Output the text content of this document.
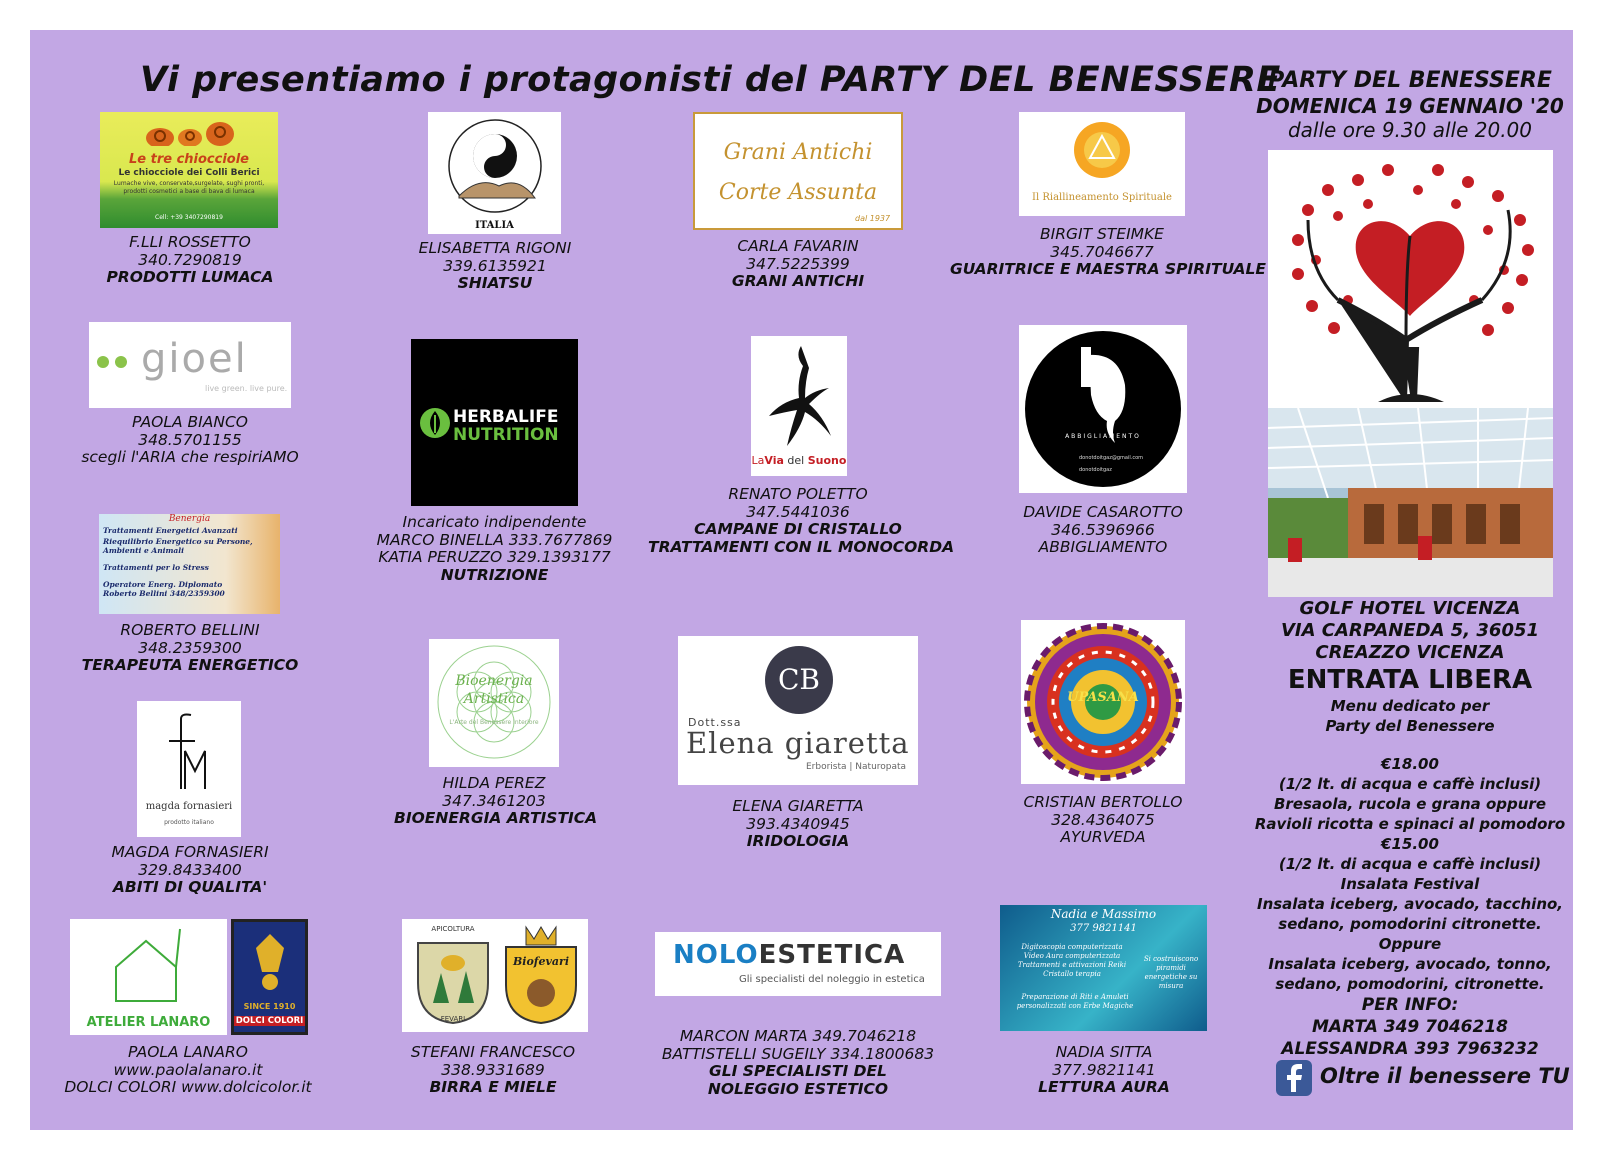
Vi presentiamo i protagonisti del PARTY DEL BENESSERE
Le tre chiocciole
Le chiocciole dei Colli Berici
Lumache vive, conservate,surgelate, sughi pronti, prodotti cosmetici a base di bava di lumaca
Cell: +39 3407290819
ITALIA
Grani Antichi
Corte Assunta
dal 1937
Il Riallineamento Spirituale
F.LLI ROSSETTO
340.7290819
PRODOTTI LUMACA
ELISABETTA RIGONI
339.6135921
SHIATSU
CARLA FAVARIN
347.5225399
GRANI ANTICHI
BIRGIT STEIMKE
345.7046677
GUARITRICE E MAESTRA SPIRITUALE
gioel
live green. live pure.
HERBALIFE
NUTRITION
LaVia del Suono
ABBIGLIAMENTO
donotdoitgaz@gmail.com
donotdoitgaz
PAOLA BIANCO
348.5701155
scegli l'ARIA che respiriAMO
Incaricato indipendente
MARCO BINELLA 333.7677869
KATIA PERUZZO 329.1393177
NUTRIZIONE
RENATO POLETTO
347.5441036
CAMPANE DI CRISTALLO
TRATTAMENTI CON IL MONOCORDA
DAVIDE CASAROTTO
346.5396966
ABBIGLIAMENTO
Benergia
Trattamenti Energetici Avanzati
Riequilibrio Energetico su Persone, Ambienti e Animali
Trattamenti per lo Stress
Operatore Energ. Diplomato
Roberto Bellini 348/2359300
Bioenergia
Artistica
L'Arte del Benessere Interiore
CB
Dott.ssa
Elena giaretta
Erborista | Naturopata
UPASANA
ROBERTO BELLINI
348.2359300
TERAPEUTA ENERGETICO
HILDA PEREZ
347.3461203
BIOENERGIA ARTISTICA
ELENA GIARETTA
393.4340945
IRIDOLOGIA
CRISTIAN BERTOLLO
328.4364075
AYURVEDA
magda fornasieri
prodotto italiano
MAGDA FORNASIERI
329.8433400
ABITI DI QUALITA'
ATELIER LANARO
SINCE 1910
DOLCI COLORI
APICOLTURA
FEVARI
Biofevari	NOLOESTETICA
Gli specialisti del noleggio in estetica
Nadia e Massimo
377 9821141
Digitoscopia computerizzata
Video Aura computerizzata
Trattamenti e attivazioni Reiki
Cristallo terapia
Preparazione di Riti e Amuleti personalizzati con Erbe Magiche
Si costruiscono piramidi energetiche su misura
PAOLA LANARO
www.paolalanaro.it
DOLCI COLORI www.dolcicolor.it
STEFANI FRANCESCO
338.9331689
BIRRA E MIELE
MARCON MARTA 349.7046218
BATTISTELLI SUGEILY 334.1800683
GLI SPECIALISTI DEL
NOLEGGIO ESTETICO
NADIA SITTA
377.9821141
LETTURA AURA
PARTY DEL BENESSERE
DOMENICA 19 GENNAIO '20
dalle ore 9.30 alle 20.00
GOLF HOTEL VICENZA
VIA CARPANEDA 5, 36051
CREAZZO VICENZA
ENTRATA LIBERA
Menu dedicato per
Party del Benessere
€18.00
(1/2 lt. di acqua e caffè inclusi)
Bresaola, rucola e grana oppure
Ravioli ricotta e spinaci al pomodoro
€15.00
(1/2 lt. di acqua e caffè inclusi)
Insalata Festival
Insalata iceberg, avocado, tacchino,
sedano, pomodorini citronette.
Oppure
Insalata iceberg, avocado, tonno,
sedano, pomodorini, citronette.
PER INFO:
MARTA 349 7046218
ALESSANDRA 393 7963232
Oltre il benessere TU
